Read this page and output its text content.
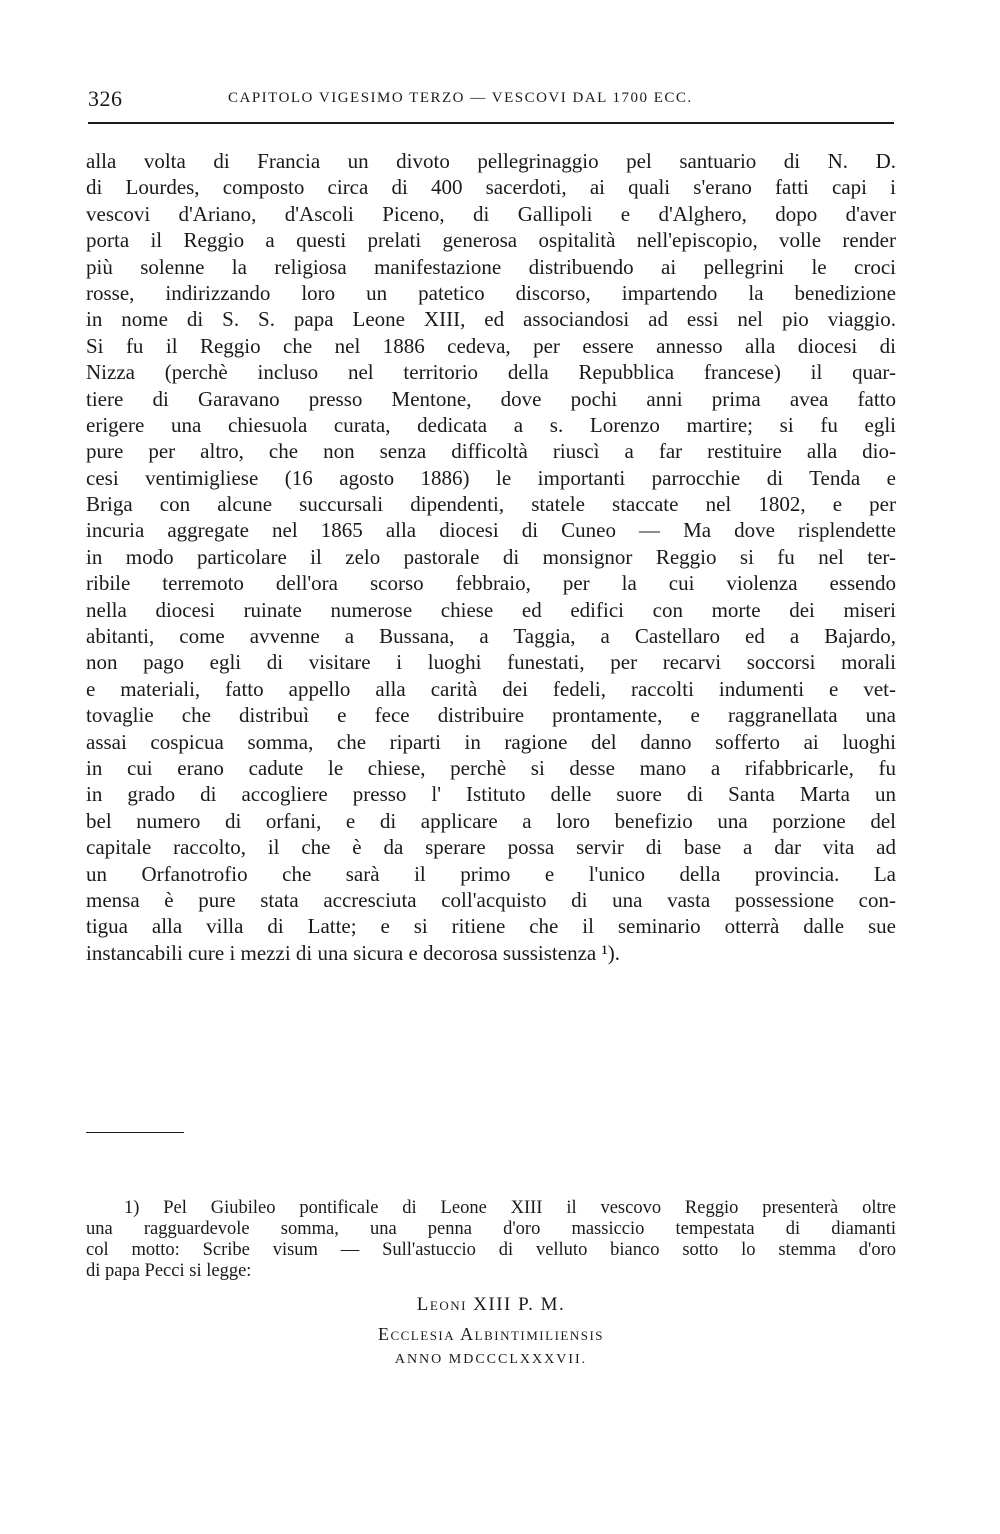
326	CAPITOLO VIGESIMO TERZO — VESCOVI DAL 1700 ECC.
alla volta di Francia un divoto pellegrinaggio pel santuario di N. D.
di Lourdes, composto circa di 400 sacerdoti, ai quali s'erano fatti capi i
vescovi d'Ariano, d'Ascoli Piceno, di Gallipoli e d'Alghero, dopo d'aver
porta il Reggio a questi prelati generosa ospitalità nell'episcopio, volle render
più solenne la religiosa manifestazione distribuendo ai pellegrini le croci
rosse, indirizzando loro un patetico discorso, impartendo la benedizione
in nome di S. S. papa Leone XIII, ed associandosi ad essi nel pio viaggio.
Si fu il Reggio che nel 1886 cedeva, per essere annesso alla diocesi di
Nizza (perchè incluso nel territorio della Repubblica francese) il quar-
tiere di Garavano presso Mentone, dove pochi anni prima avea fatto
erigere una chiesuola curata, dedicata a s. Lorenzo martire; si fu egli
pure per altro, che non senza difficoltà riuscì a far restituire alla dio-
cesi ventimigliese (16 agosto 1886) le importanti parrocchie di Tenda e
Briga con alcune succursali dipendenti, statele staccate nel 1802, e per
incuria aggregate nel 1865 alla diocesi di Cuneo — Ma dove risplendette
in modo particolare il zelo pastorale di monsignor Reggio si fu nel ter-
ribile terremoto dell'ora scorso febbraio, per la cui violenza essendo
nella diocesi ruinate numerose chiese ed edifici con morte dei miseri
abitanti, come avvenne a Bussana, a Taggia, a Castellaro ed a Bajardo,
non pago egli di visitare i luoghi funestati, per recarvi soccorsi morali
e materiali, fatto appello alla carità dei fedeli, raccolti indumenti e vet-
tovaglie che distribuì e fece distribuire prontamente, e raggranellata una
assai cospicua somma, che riparti in ragione del danno sofferto ai luoghi
in cui erano cadute le chiese, perchè si desse mano a rifabbricarle, fu
in grado di accogliere presso l' Istituto delle suore di Santa Marta un
bel numero di orfani, e di applicare a loro benefizio una porzione del
capitale raccolto, il che è da sperare possa servir di base a dar vita ad
un Orfanotrofio che sarà il primo e l'unico della provincia. La
mensa è pure stata accresciuta coll'acquisto di una vasta possessione con-
tigua alla villa di Latte; e si ritiene che il seminario otterrà dalle sue
instancabili cure i mezzi di una sicura e decorosa sussistenza ¹).
1) Pel Giubileo pontificale di Leone XIII il vescovo Reggio presenterà oltre
una ragguardevole somma, una penna d'oro massiccio tempestata di diamanti
col motto: Scribe visum — Sull'astuccio di velluto bianco sotto lo stemma d'oro
di papa Pecci si legge:
Leoni XIII P. M.
Ecclesia Albintimiliensis
ANNO MDCCCLXXXVII.
